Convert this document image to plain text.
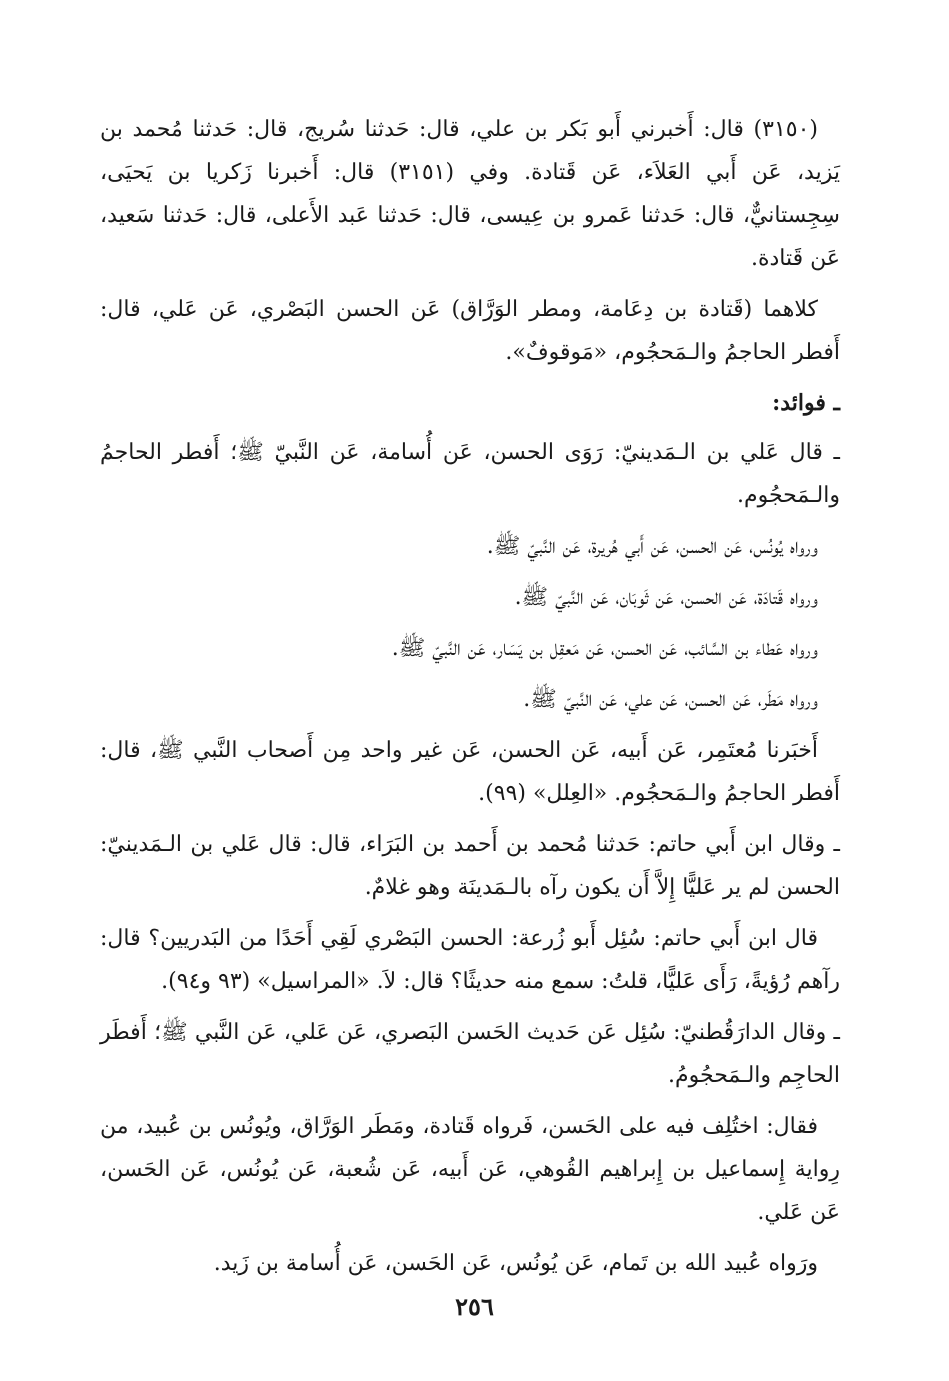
(٣١٥٠) قال: أَخبرني أَبو بَكر بن علي، قال: حَدثنا سُريج، قال: حَدثنا مُحمد بن يَزيد، عَن أَبي العَلاَء، عَن قَتادة. وفي (٣١٥١) قال: أَخبرنا زَكريا بن يَحيَى، سِجِستانيٌّ، قال: حَدثنا عَمرو بن عِيسى، قال: حَدثنا عَبد الأَعلى، قال: حَدثنا سَعيد، عَن قَتادة.

كلاهما (قَتادة بن دِعَامة، ومطر الوَرَّاق) عَن الحسن البَصْري، عَن عَلي، قال: أَفطر الحاجمُ والـمَحجُوم، «مَوقوفٌ».

ـ فوائد:

ـ قال عَلي بن الـمَدينيّ: رَوَى الحسن، عَن أُسامة، عَن النَّبيّ ﷺ؛ أَفطر الحاجمُ والـمَحجُوم.

ورواه يُونُس، عَن الحسن، عَن أَبي هُريرة، عَن النَّبيّ ﷺ.

ورواه قَتادَة، عَن الحسن، عَن ثَوبَان، عَن النَّبيّ ﷺ.

ورواه عَطاء بن السَّائب، عَن الحسن، عَن مَعقِل بن يَسَار، عَن النَّبيّ ﷺ.

ورواه مَطَر، عَن الحسن، عَن علي، عَن النَّبيّ ﷺ.

أَخبَرنا مُعتَمِر، عَن أَبيه، عَن الحسن، عَن غير واحد مِن أَصحاب النَّبي ﷺ، قال: أَفطر الحاجمُ والـمَحجُوم. «العِلل» (٩٩).

ـ وقال ابن أَبي حاتم: حَدثنا مُحمد بن أَحمد بن البَرَاء، قال: قال عَلي بن الـمَدينيّ: الحسن لم ير عَليًّا إِلاَّ أَن يكون رآه بالـمَدينَة وهو غلامٌ.

قال ابن أَبي حاتم: سُئِل أَبو زُرعة: الحسن البَصْري لَقِي أَحَدًا من البَدريين؟ قال: رآهم رُؤيةً، رَأَى عَليًّا، قلتُ: سمع منه حديثًا؟ قال: لاَ. «المراسيل» (٩٣ و٩٤).

ـ وقال الدارَقُطنيّ: سُئِل عَن حَديث الحَسن البَصري، عَن عَلي، عَن النَّبي ﷺ؛ أَفطَر الحاجِم والـمَحجُومُ.

فقال: اختُلِف فيه على الحَسن، فَرواه قَتادة، ومَطَر الوَرَّاق، ويُونُس بن عُبيد، من رِواية إِسماعيل بن إِبراهيم القُوهي، عَن أَبيه، عَن شُعبة، عَن يُونُس، عَن الحَسن، عَن عَلي.

ورَواه عُبيد الله بن تَمام، عَن يُونُس، عَن الحَسن، عَن أُسامة بن زَيد.

٢٥٦
